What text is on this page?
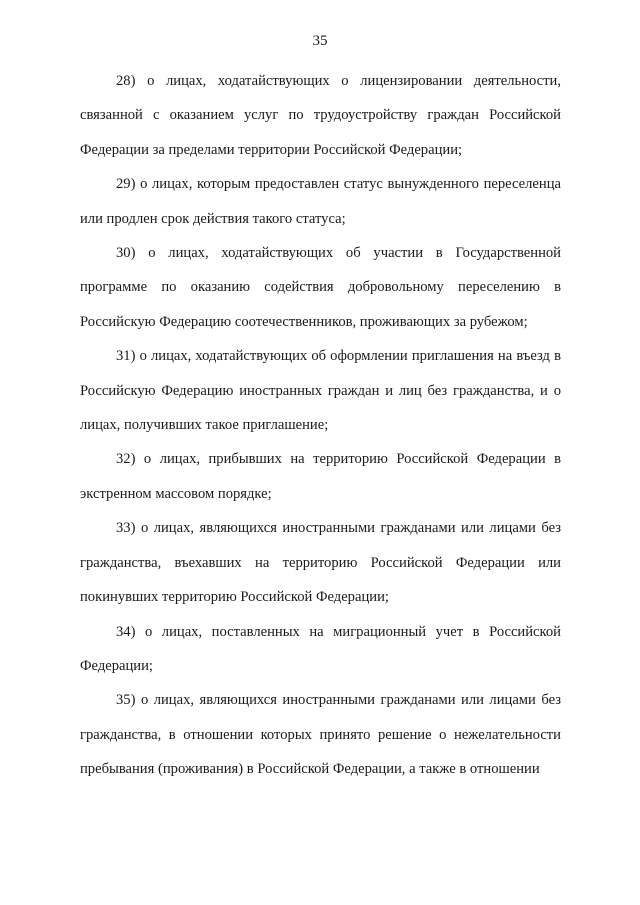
35

28) о лицах, ходатайствующих о лицензировании деятельности, связанной с оказанием услуг по трудоустройству граждан Российской Федерации за пределами территории Российской Федерации;

29) о лицах, которым предоставлен статус вынужденного переселенца или продлен срок действия такого статуса;

30) о лицах, ходатайствующих об участии в Государственной программе по оказанию содействия добровольному переселению в Российскую Федерацию соотечественников, проживающих за рубежом;

31) о лицах, ходатайствующих об оформлении приглашения на въезд в Российскую Федерацию иностранных граждан и лиц без гражданства, и о лицах, получивших такое приглашение;

32) о лицах, прибывших на территорию Российской Федерации в экстренном массовом порядке;

33) о лицах, являющихся иностранными гражданами или лицами без гражданства, въехавших на территорию Российской Федерации или покинувших территорию Российской Федерации;

34) о лицах, поставленных на миграционный учет в Российской Федерации;

35) о лицах, являющихся иностранными гражданами или лицами без гражданства, в отношении которых принято решение о нежелательности пребывания (проживания) в Российской Федерации, а также в отношении
